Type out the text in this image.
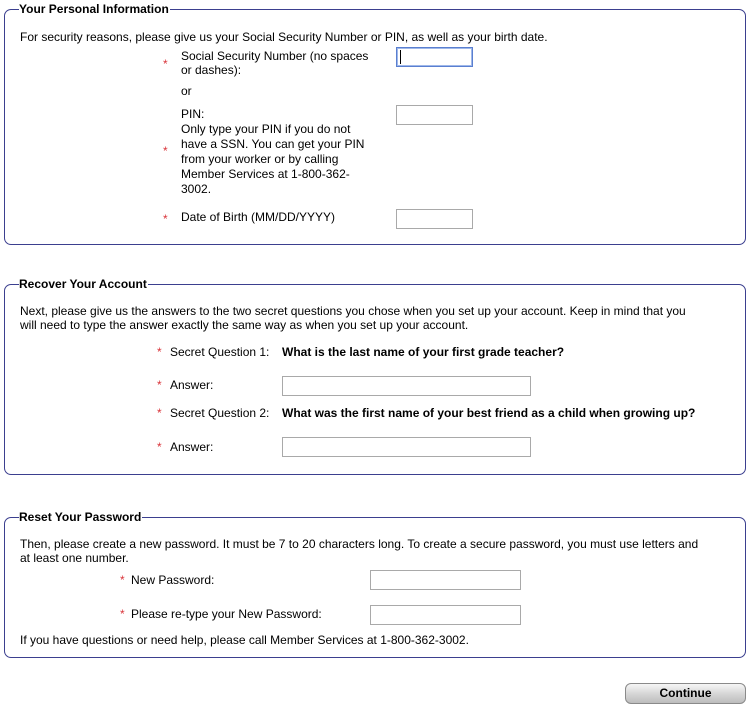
Your Personal Information
For security reasons, please give us your Social Security Number or PIN, as well as your birth date.
*
Social Security Number (no spaces
or dashes):
or
PIN:
*
Only type your PIN if you do not
have a SSN. You can get your PIN
from your worker or by calling
Member Services at 1-800-362-
3002.
* Date of Birth (MM/DD/YYYY)
Recover Your Account
Next, please give us the answers to the two secret questions you chose when you set up your account. Keep in mind that you
will need to type the answer exactly the same way as when you set up your account.
* Secret Question 1: What is the last name of your first grade teacher?
* Answer:
* Secret Question 2: What was the first name of your best friend as a child when growing up?
* Answer:
Reset Your Password
Then, please create a new password. It must be 7 to 20 characters long. To create a secure password, you must use letters and
at least one number.
* New Password:
* Please re-type your New Password:
If you have questions or need help, please call Member Services at 1-800-362-3002.
Continue
